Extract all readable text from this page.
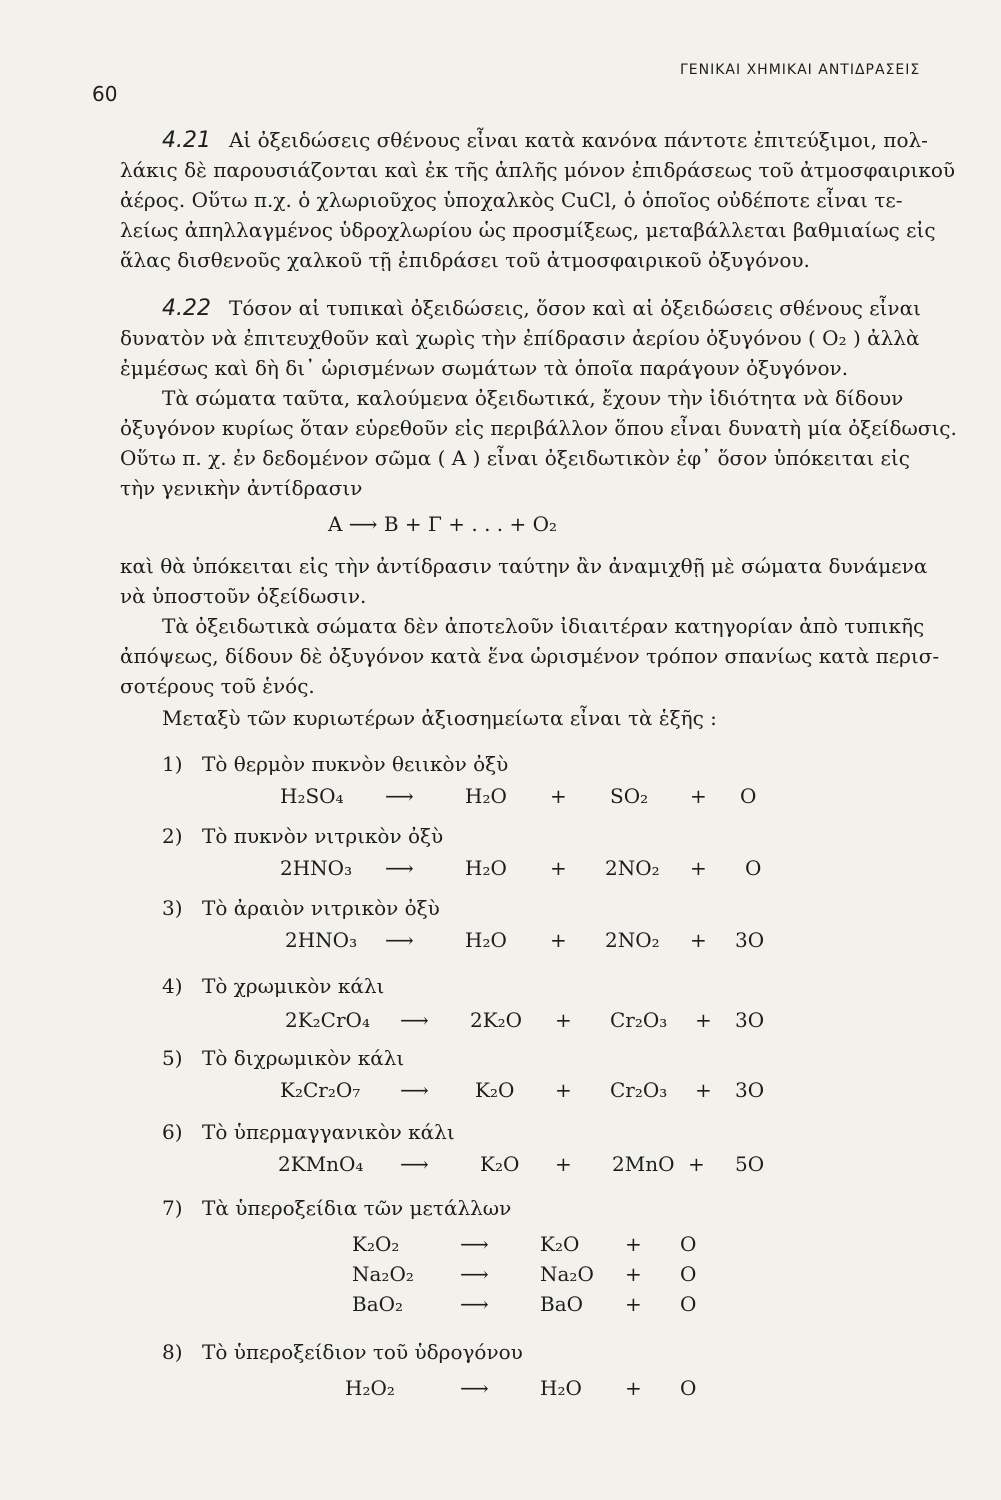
60
ΓΕΝΙΚΑΙ ΧΗΜΙΚΑΙ ΑΝΤΙΔΡΑΣΕΙΣ
4.21 Αἱ ὀξειδώσεις σθένους εἶναι κατὰ κανόνα πάντοτε ἐπιτεύξιμοι, πολ-
λάκις δὲ παρουσιάζονται καὶ ἐκ τῆς ἁπλῆς μόνον ἐπιδράσεως τοῦ ἀτμοσφαιρικοῦ
ἀέρος. Οὕτω π.χ. ὁ χλωριοῦχος ὑποχαλκὸς CuCl, ὁ ὁποῖος οὐδέποτε εἶναι τε-
λείως ἀπηλλαγμένος ὑδροχλωρίου ὡς προσμίξεως, μεταβάλλεται βαθμιαίως εἰς
ἅλας δισθενοῦς χαλκοῦ τῇ ἐπιδράσει τοῦ ἀτμοσφαιρικοῦ ὀξυγόνου.
4.22 Τόσον αἱ τυπικαὶ ὀξειδώσεις, ὅσον καὶ αἱ ὀξειδώσεις σθένους εἶναι
δυνατὸν νὰ ἐπιτευχθοῦν καὶ χωρὶς τὴν ἐπίδρασιν ἀερίου ὀξυγόνου ( O₂ ) ἀλλὰ
ἐμμέσως καὶ δὴ δι᾽ ὡρισμένων σωμάτων τὰ ὁποῖα παράγουν ὀξυγόνον.
Τὰ σώματα ταῦτα, καλούμενα ὀξειδωτικά, ἔχουν τὴν ἰδιότητα νὰ δίδουν
ὀξυγόνον κυρίως ὅταν εὑρεθοῦν εἰς περιβάλλον ὅπου εἶναι δυνατὴ μία ὀξείδωσις.
Οὕτω π. χ. ἐν δεδομένον σῶμα ( Α ) εἶναι ὀξειδωτικὸν ἐφ᾽ ὅσον ὑπόκειται εἰς
τὴν γενικὴν ἀντίδρασιν
Α ⟶ Β + Γ + . . . + O₂
καὶ θὰ ὑπόκειται εἰς τὴν ἀντίδρασιν ταύτην ἂν ἀναμιχθῇ μὲ σώματα δυνάμενα
νὰ ὑποστοῦν ὀξείδωσιν.
Τὰ ὀξειδωτικὰ σώματα δὲν ἀποτελοῦν ἰδιαιτέραν κατηγορίαν ἀπὸ τυπικῆς
ἀπόψεως, δίδουν δὲ ὀξυγόνον κατὰ ἕνα ὡρισμένον τρόπον σπανίως κατὰ περισ-
σοτέρους τοῦ ἑνός.
Μεταξὺ τῶν κυριωτέρων ἀξιοσημείωτα εἶναι τὰ ἑξῆς :
1) Τὸ θερμὸν πυκνὸν θειικὸν ὀξὺ
H₂SO₄ ⟶	H₂O + SO₂ + O
2) Τὸ πυκνὸν νιτρικὸν ὀξὺ
2HNO₃ ⟶	H₂O + 2NO₂ + O
3) Τὸ ἀραιὸν νιτρικὸν ὀξὺ
2HNO₃ ⟶	H₂O + 2NO₂ + 3O
4) Τὸ χρωμικὸν κάλι
2K₂CrO₄ ⟶ 2K₂O + Cr₂O₃ + 3O
5) Τὸ διχρωμικὸν κάλι
K₂Cr₂O₇ ⟶ K₂O + Cr₂O₃ + 3O
6) Τὸ ὑπερμαγγανικὸν κάλι
2KMnO₄ ⟶	K₂O + 2MnO + 5O
7) Τὰ ὑπεροξείδια τῶν μετάλλων
K₂O₂	⟶	K₂O + O
Na₂O₂ ⟶	Na₂O + O
BaO₂	⟶	BaO + O
8) Τὸ ὑπεροξείδιον τοῦ ὑδρογόνου
H₂O₂	⟶	H₂O + O
